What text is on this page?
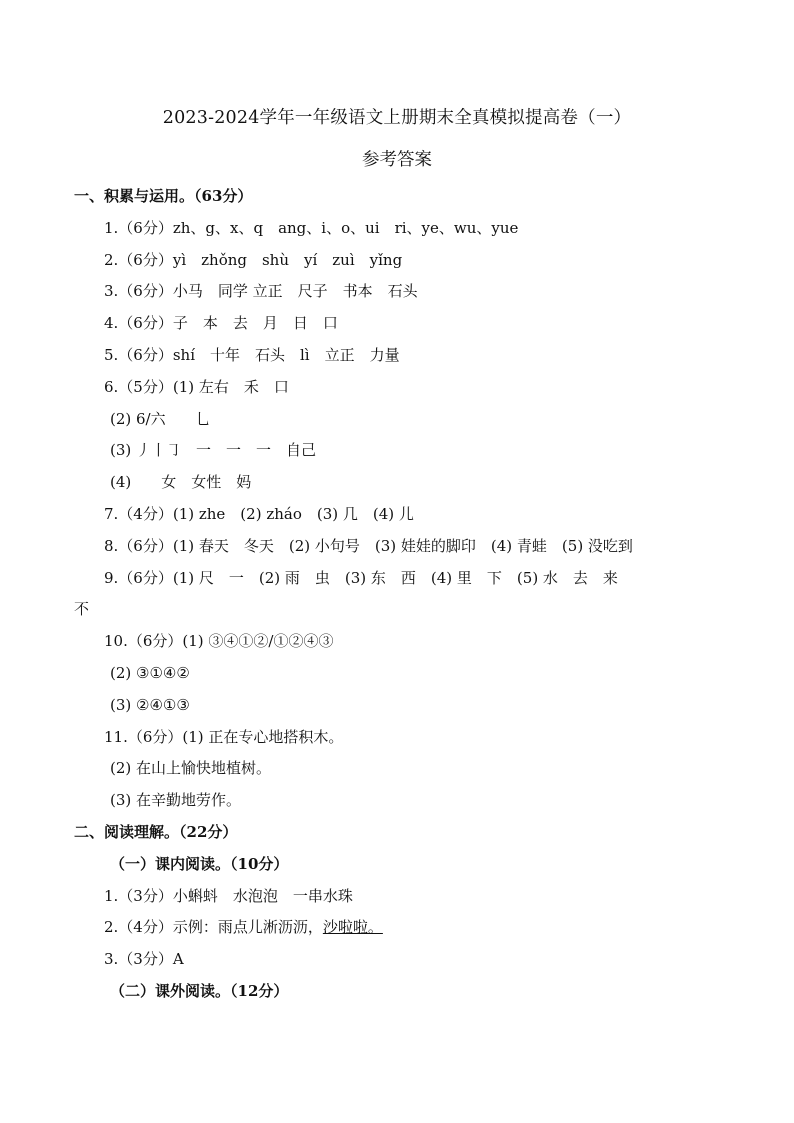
2023-2024学年一年级语文上册期末全真模拟提高卷（一）
参考答案
一、积累与运用。（63分）
1.（6分）zh、g、x、q　ang、i、o、ui　ri、ye、wu、yue
2.（6分）yì　zhǒng　shù　yí　zuì　yǐng
3.（6分）小马　同学 立正　尺子　书本　石头
4.（6分）子　本　去　月　日　口
5.（6分）shí　十年　石头　lì　立正　力量
6.（5分）(1) 左右　禾　口
(2) 6/六　　乚
(3) 丿丨㇆　一　一　一　自己
(4)　　女　女性　妈
7.（4分）(1) zhe　(2) zháo　(3) 几　(4) 儿
8.（6分）(1) 春天　冬天　(2) 小句号　(3) 娃娃的脚印　(4) 青蛙　(5) 没吃到
9.（6分）(1) 尺　一　(2) 雨　虫　(3) 东　西　(4) 里　下　(5) 水　去　来
不
10.（6分）(1) ③④①②/①②④③
(2) ③①④②
(3) ②④①③
11.（6分）(1) 正在专心地搭积木。
(2) 在山上愉快地植树。
(3) 在辛勤地劳作。
二、阅读理解。（22分）
（一）课内阅读。（10分）
1.（3分）小蝌蚪　水泡泡　一串水珠
2.（4分）示例：雨点儿淅沥沥，沙啦啦。
3.（3分）A
（二）课外阅读。（12分）
